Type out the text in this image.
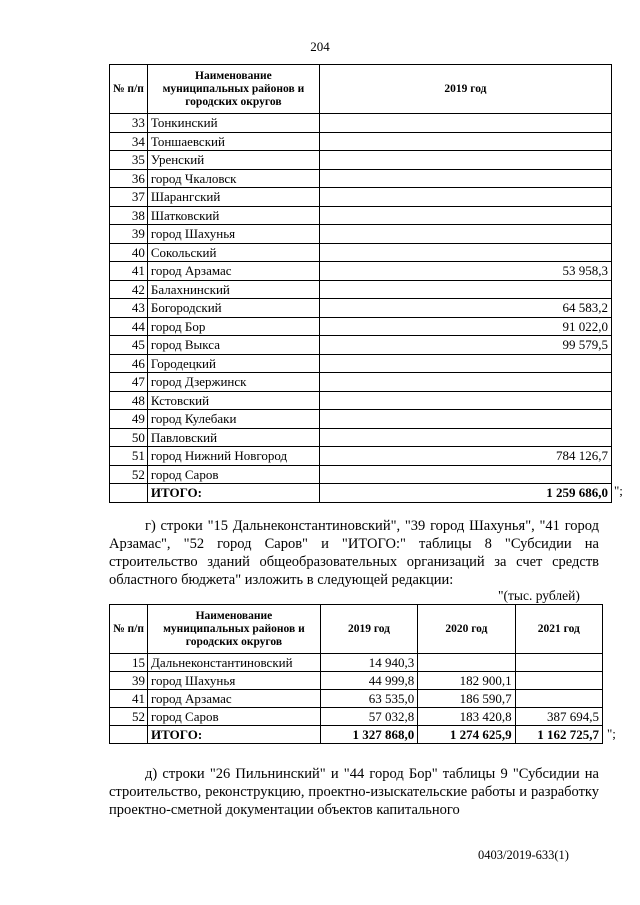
204
№ п/п	Наименование муниципальных районов и городских округов	2019 год
33	Тонкинский	
34	Тоншаевский	
35	Уренский	
36	город Чкаловск	
37	Шарангский	
38	Шатковский	
39	город Шахунья	
40	Сокольский	
41	город Арзамас	53 958,3
42	Балахнинский	
43	Богородский	64 583,2
44	город Бор	91 022,0
45	город Выкса	99 579,5
46	Городецкий	
47	город Дзержинск	
48	Кстовский	
49	город Кулебаки	
50	Павловский	
51	город Нижний Новгород	784 126,7
52	город Саров	
	ИТОГО:	1 259 686,0 ";
г) строки "15 Дальнеконстантиновский", "39 город Шахунья", "41 город Арзамас", "52 город Саров" и "ИТОГО:" таблицы 8 "Субсидии на строительство зданий общеобразовательных организаций за счет средств областного бюджета" изложить в следующей редакции:
"(тыс. рублей)
№ п/п	Наименование муниципальных районов и городских округов	2019 год	2020 год	2021 год
15	Дальнеконстантиновский	14 940,3		
39	город Шахунья	44 999,8	182 900,1	
41	город Арзамас	63 535,0	186 590,7	
52	город Саров	57 032,8	183 420,8	387 694,5
	ИТОГО:	1 327 868,0	1 274 625,9	1 162 725,7 ";
д) строки "26 Пильнинский" и "44 город Бор" таблицы 9 "Субсидии на строительство, реконструкцию, проектно-изыскательские работы и разработку проектно-сметной документации объектов капитального
0403/2019-633(1)
